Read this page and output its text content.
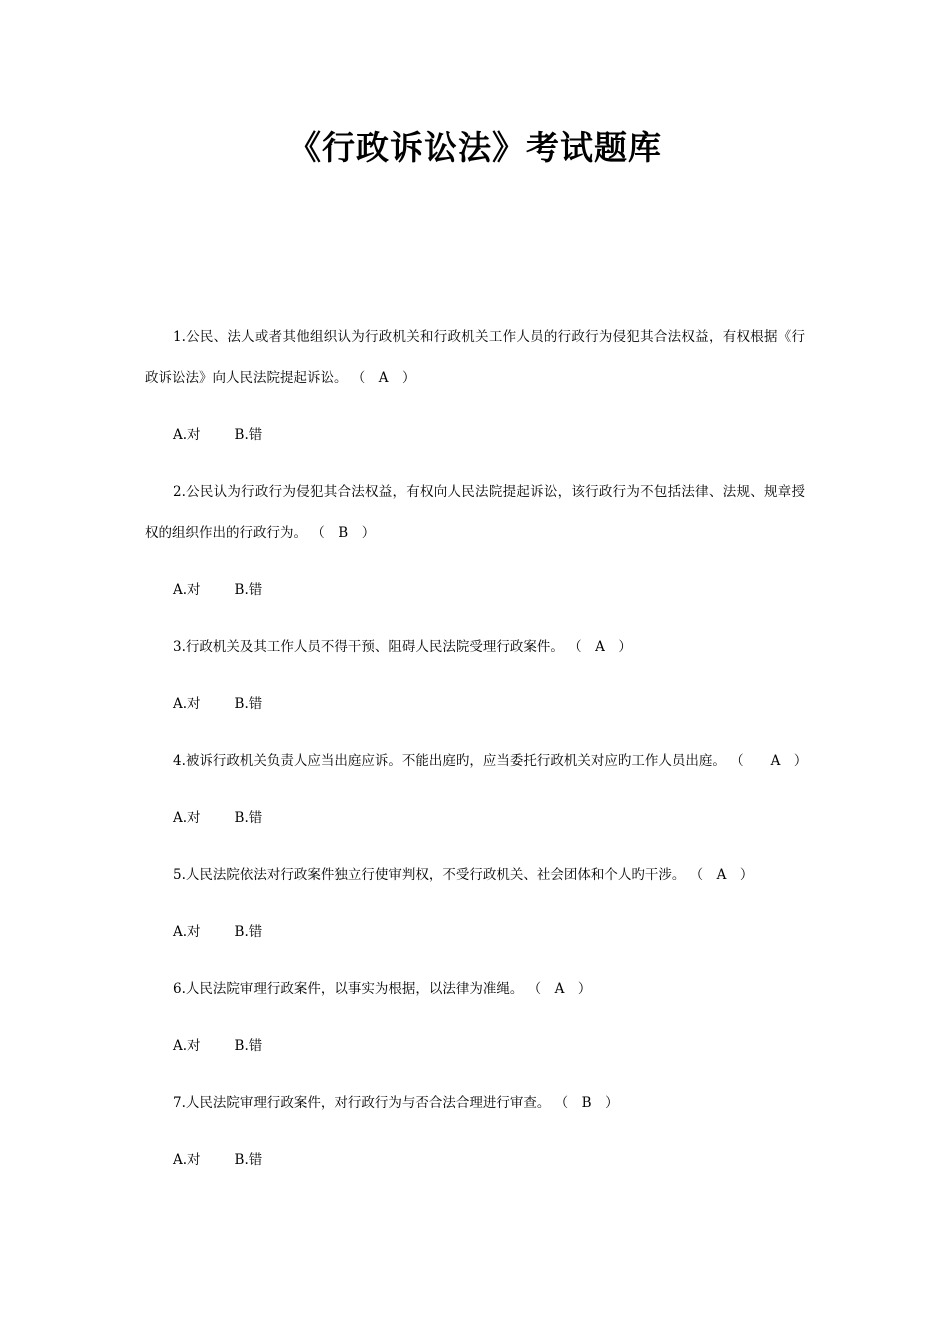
《行政诉讼法》考试题库

1.公民、法人或者其他组织认为行政机关和行政机关工作人员的行政行为侵犯其合法权益，有权根据《行政诉讼法》向人民法院提起诉讼。 （　A　）

A.对	B.错

2.公民认为行政行为侵犯其合法权益，有权向人民法院提起诉讼，该行政行为不包括法律、法规、规章授权的组织作出的行政行为。 （　B　）

A.对	B.错

3.行政机关及其工作人员不得干预、阻碍人民法院受理行政案件。 （　A　）

A.对	B.错

4.被诉行政机关负责人应当出庭应诉。不能出庭旳，应当委托行政机关对应旳工作人员出庭。 （　　A　）

A.对	B.错

5.人民法院依法对行政案件独立行使审判权，不受行政机关、社会团体和个人旳干涉。 （　A　）

A.对	B.错

6.人民法院审理行政案件，以事实为根据，以法律为准绳。 （　A　）

A.对	B.错

7.人民法院审理行政案件，对行政行为与否合法合理进行审查。 （　B　）

A.对	B.错
